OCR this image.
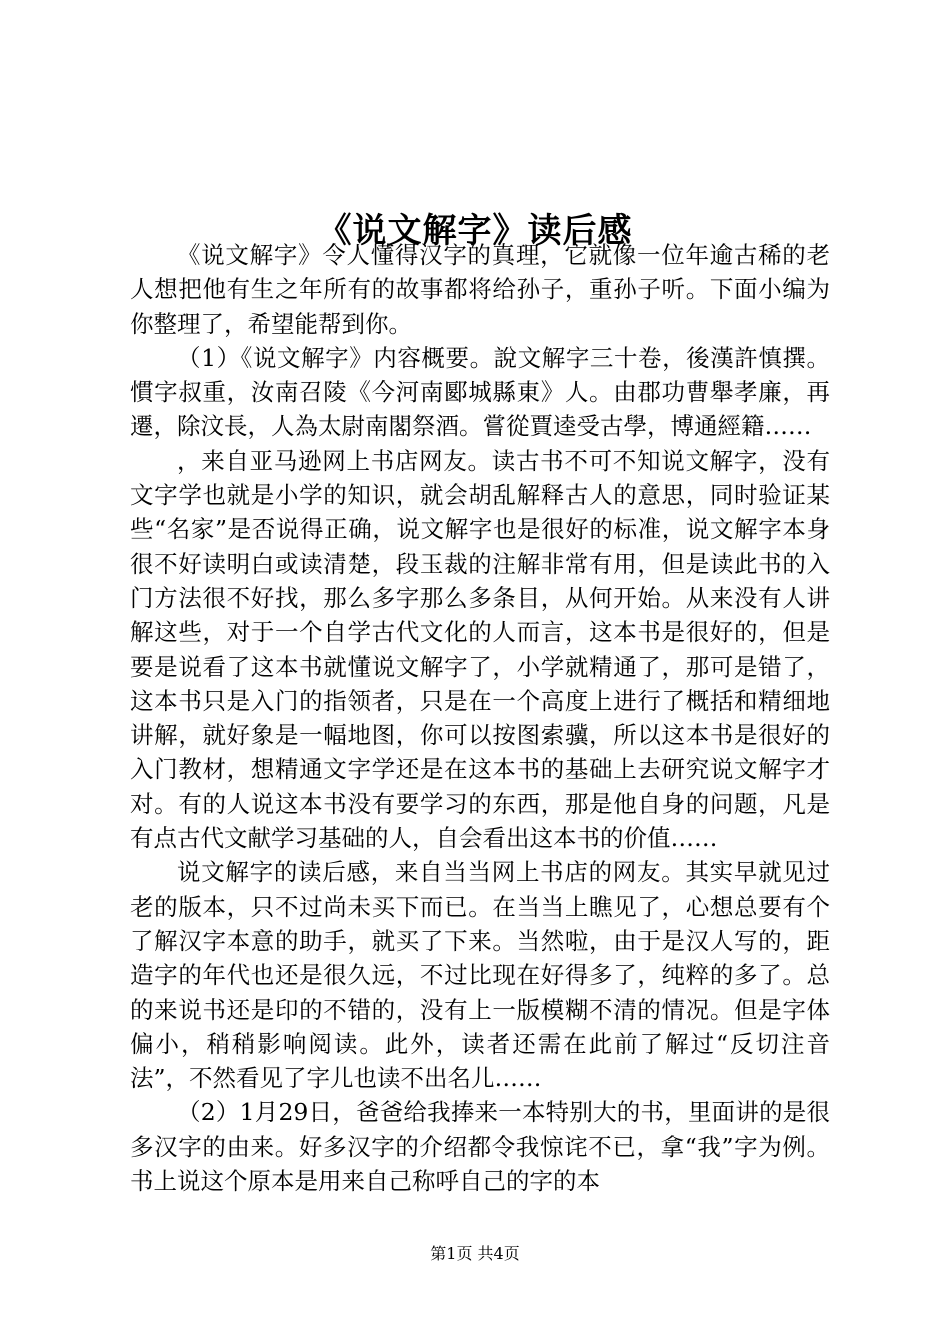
《说文解字》读后感

《说文解字》令人懂得汉字的真理，它就像一位年逾古稀的老人想把他有生之年所有的故事都将给孙子，重孙子听。下面小编为你整理了，希望能帮到你。

（1）《说文解字》内容概要。說文解字三十卷，後漢許慎撰。慣字叔重，汝南召陵《今河南郾城縣東》人。由郡功曹舉孝廉，再遷，除汶長，人為太尉南閣祭酒。嘗從賈逵受古學，博通經籍……

，来自亚马逊网上书店网友。读古书不可不知说文解字，没有文字学也就是小学的知识，就会胡乱解释古人的意思，同时验证某些“名家”是否说得正确，说文解字也是很好的标准，说文解字本身很不好读明白或读清楚，段玉裁的注解非常有用，但是读此书的入门方法很不好找，那么多字那么多条目，从何开始。从来没有人讲解这些，对于一个自学古代文化的人而言，这本书是很好的，但是要是说看了这本书就懂说文解字了，小学就精通了，那可是错了，这本书只是入门的指领者，只是在一个高度上进行了概括和精细地讲解，就好象是一幅地图，你可以按图索骥，所以这本书是很好的入门教材，想精通文字学还是在这本书的基础上去研究说文解字才对。有的人说这本书没有要学习的东西，那是他自身的问题，凡是有点古代文献学习基础的人，自会看出这本书的价值……

说文解字的读后感，来自当当网上书店的网友。其实早就见过老的版本，只不过尚未买下而已。在当当上瞧见了，心想总要有个了解汉字本意的助手，就买了下来。当然啦，由于是汉人写的，距造字的年代也还是很久远，不过比现在好得多了，纯粹的多了。总的来说书还是印的不错的，没有上一版模糊不清的情况。但是字体偏小，稍稍影响阅读。此外，读者还需在此前了解过“反切注音法”，不然看见了字儿也读不出名儿……

（2）1月29日，爸爸给我捧来一本特别大的书，里面讲的是很多汉字的由来。好多汉字的介绍都令我惊诧不已，拿“我”字为例。书上说这个原本是用来自己称呼自己的字的本

第1页 共4页
